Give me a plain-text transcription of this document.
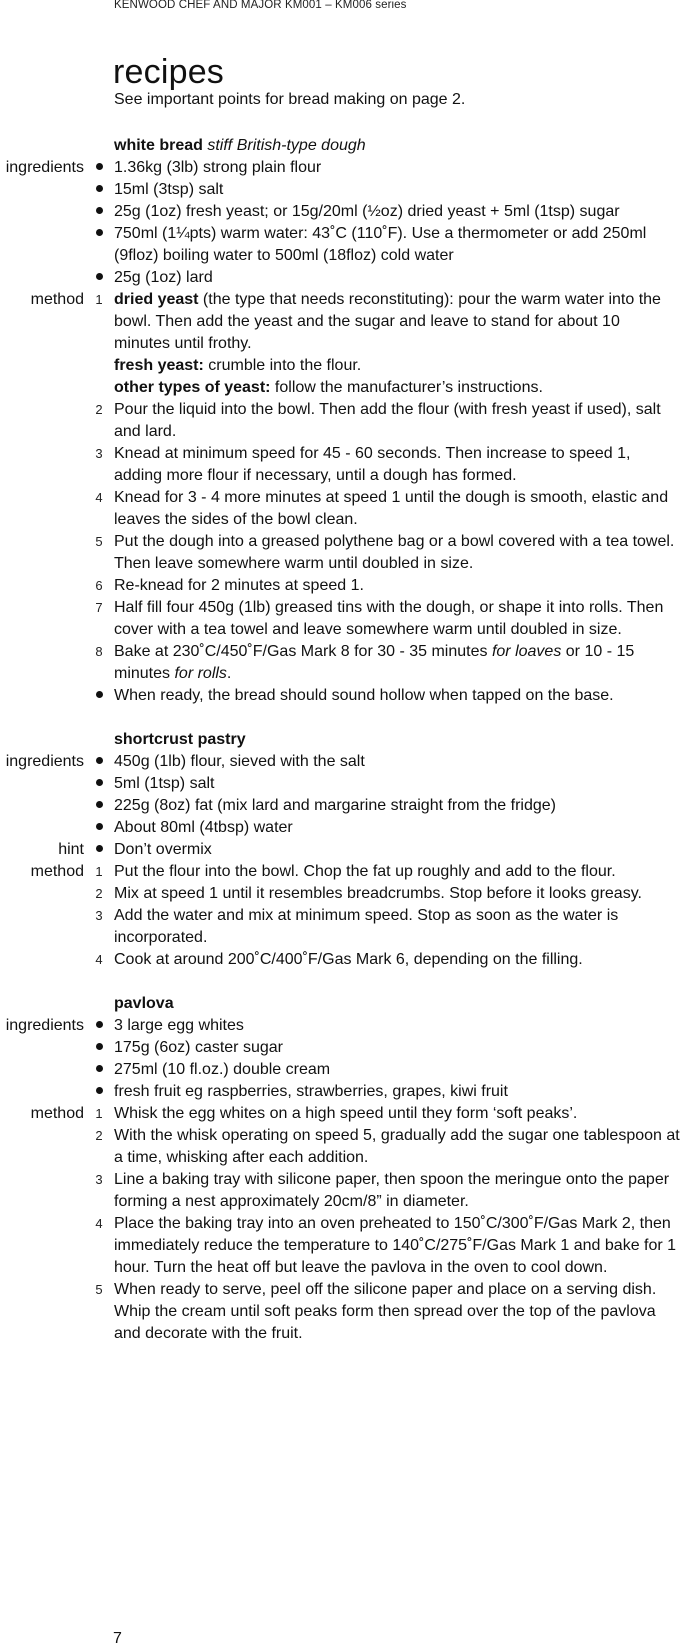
KENWOOD CHEF AND MAJOR KM001 – KM006 series
recipes
See important points for bread making on page 2.
white bread stiff British-type dough
ingredients 1.36kg (3lb) strong plain flour
15ml (3tsp) salt
25g (1oz) fresh yeast; or 15g/20ml (½oz) dried yeast + 5ml (1tsp) sugar
750ml (1¼pts) warm water: 43˚C (110˚F). Use a thermometer or add 250ml (9floz) boiling water to 500ml (18floz) cold water
25g (1oz) lard
method 1 dried yeast (the type that needs reconstituting): pour the warm water into the bowl. Then add the yeast and the sugar and leave to stand for about 10 minutes until frothy.
fresh yeast: crumble into the flour.
other types of yeast: follow the manufacturer’s instructions.
2 Pour the liquid into the bowl. Then add the flour (with fresh yeast if used), salt and lard.
3 Knead at minimum speed for 45 - 60 seconds. Then increase to speed 1, adding more flour if necessary, until a dough has formed.
4 Knead for 3 - 4 more minutes at speed 1 until the dough is smooth, elastic and leaves the sides of the bowl clean.
5 Put the dough into a greased polythene bag or a bowl covered with a tea towel. Then leave somewhere warm until doubled in size.
6 Re-knead for 2 minutes at speed 1.
7 Half fill four 450g (1lb) greased tins with the dough, or shape it into rolls. Then cover with a tea towel and leave somewhere warm until doubled in size.
8 Bake at 230˚C/450˚F/Gas Mark 8 for 30 - 35 minutes for loaves or 10 - 15 minutes for rolls.
When ready, the bread should sound hollow when tapped on the base.
shortcrust pastry
ingredients 450g (1lb) flour, sieved with the salt
5ml (1tsp) salt
225g (8oz) fat (mix lard and margarine straight from the fridge)
About 80ml (4tbsp) water
hint Don’t overmix
method 1 Put the flour into the bowl. Chop the fat up roughly and add to the flour.
2 Mix at speed 1 until it resembles breadcrumbs. Stop before it looks greasy.
3 Add the water and mix at minimum speed. Stop as soon as the water is incorporated.
4 Cook at around 200˚C/400˚F/Gas Mark 6, depending on the filling.
pavlova
ingredients 3 large egg whites
175g (6oz) caster sugar
275ml (10 fl.oz.) double cream
fresh fruit eg raspberries, strawberries, grapes, kiwi fruit
method 1 Whisk the egg whites on a high speed until they form ‘soft peaks’.
2 With the whisk operating on speed 5, gradually add the sugar one tablespoon at a time, whisking after each addition.
3 Line a baking tray with silicone paper, then spoon the meringue onto the paper forming a nest approximately 20cm/8” in diameter.
4 Place the baking tray into an oven preheated to 150˚C/300˚F/Gas Mark 2, then immediately reduce the temperature to 140˚C/275˚F/Gas Mark 1 and bake for 1 hour. Turn the heat off but leave the pavlova in the oven to cool down.
5 When ready to serve, peel off the silicone paper and place on a serving dish. Whip the cream until soft peaks form then spread over the top of the pavlova and decorate with the fruit.
7
